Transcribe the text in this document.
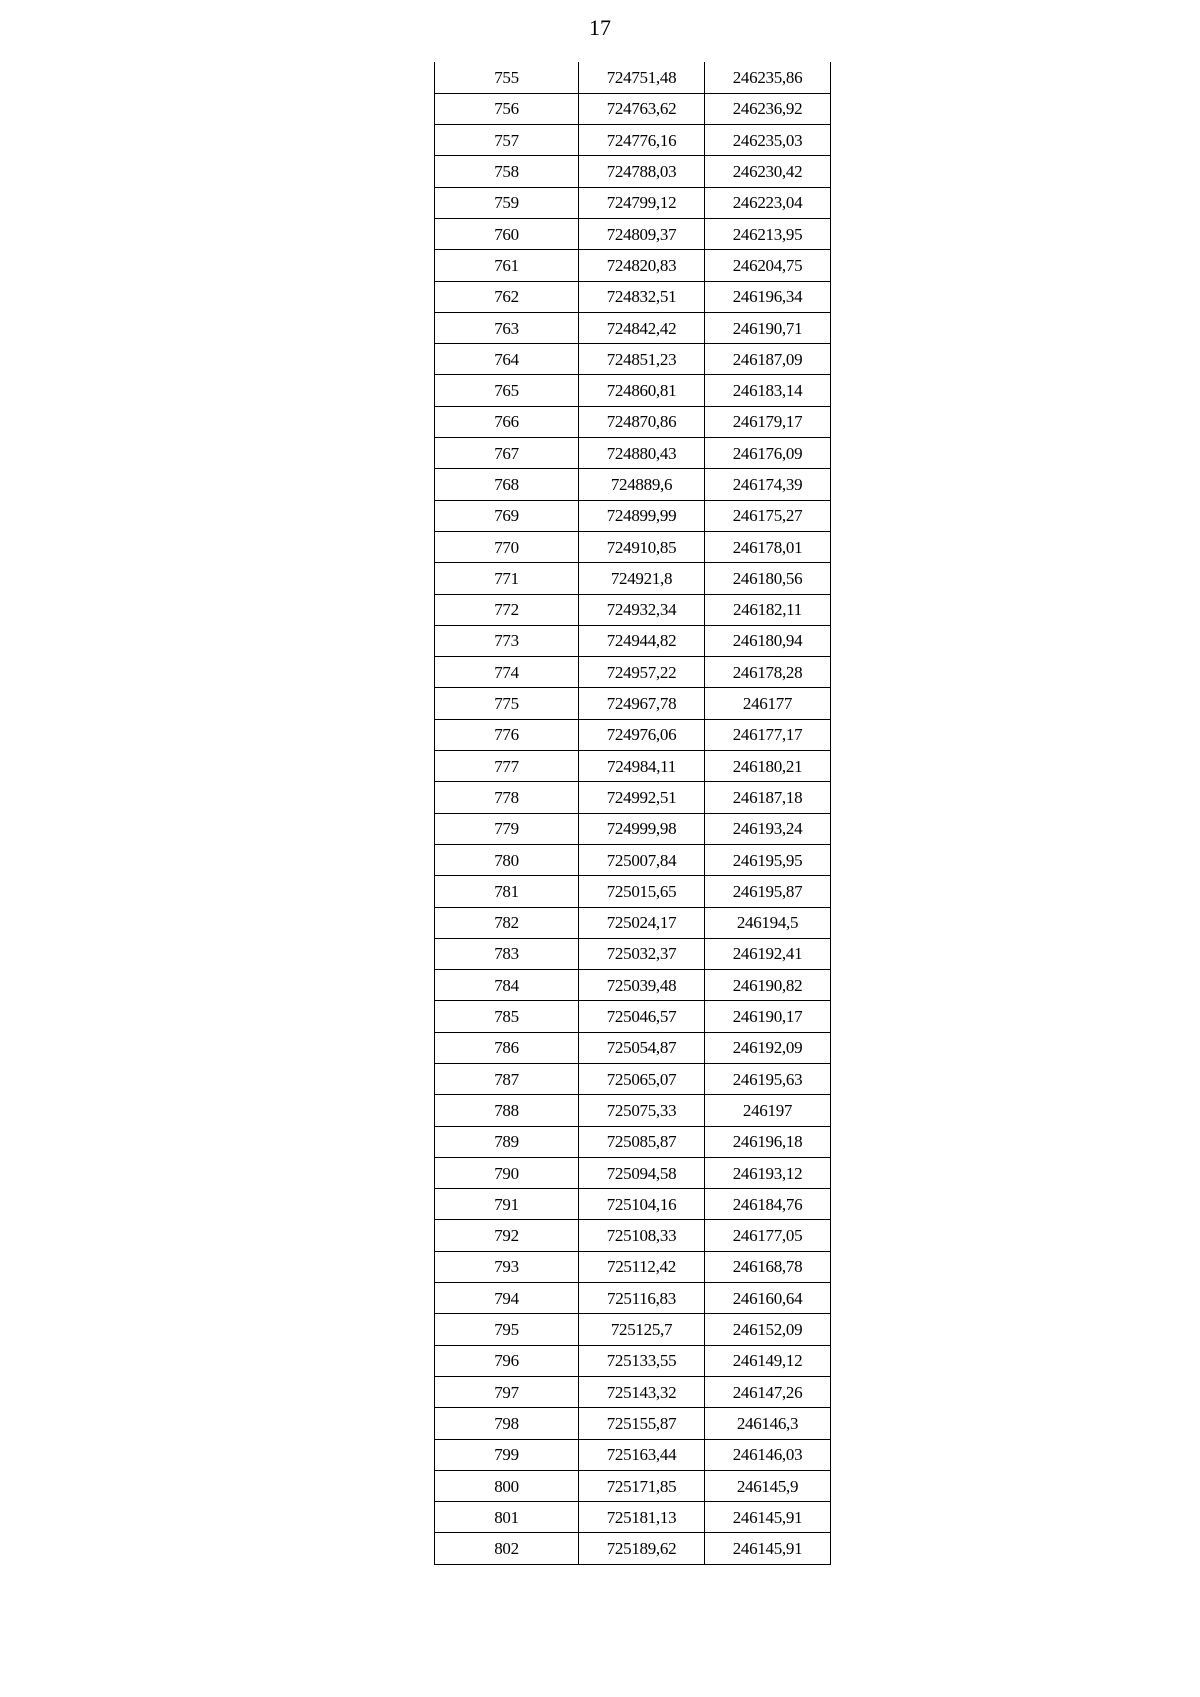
17
755	724751,48	246235,86
756	724763,62	246236,92
757	724776,16	246235,03
758	724788,03	246230,42
759	724799,12	246223,04
760	724809,37	246213,95
761	724820,83	246204,75
762	724832,51	246196,34
763	724842,42	246190,71
764	724851,23	246187,09
765	724860,81	246183,14
766	724870,86	246179,17
767	724880,43	246176,09
768	724889,6	246174,39
769	724899,99	246175,27
770	724910,85	246178,01
771	724921,8	246180,56
772	724932,34	246182,11
773	724944,82	246180,94
774	724957,22	246178,28
775	724967,78	246177
776	724976,06	246177,17
777	724984,11	246180,21
778	724992,51	246187,18
779	724999,98	246193,24
780	725007,84	246195,95
781	725015,65	246195,87
782	725024,17	246194,5
783	725032,37	246192,41
784	725039,48	246190,82
785	725046,57	246190,17
786	725054,87	246192,09
787	725065,07	246195,63
788	725075,33	246197
789	725085,87	246196,18
790	725094,58	246193,12
791	725104,16	246184,76
792	725108,33	246177,05
793	725112,42	246168,78
794	725116,83	246160,64
795	725125,7	246152,09
796	725133,55	246149,12
797	725143,32	246147,26
798	725155,87	246146,3
799	725163,44	246146,03
800	725171,85	246145,9
801	725181,13	246145,91
802	725189,62	246145,91
